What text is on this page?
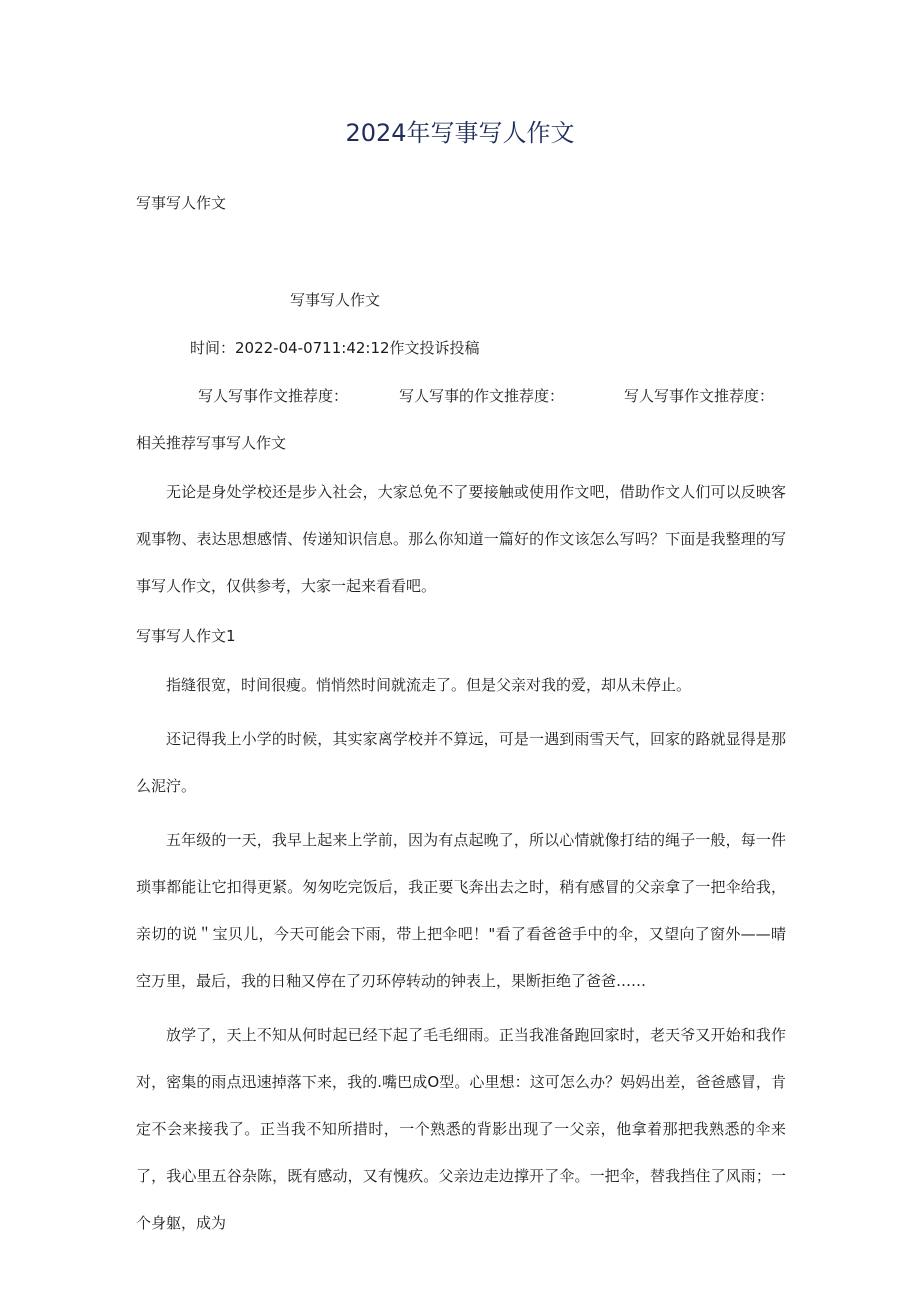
2024年写事写人作文
写事写人作文
写事写人作文
时间：2022-04-0711:42:12作文投诉投稿
写人写事作文推荐度：	写人写事的作文推荐度：	写人写事作文推荐度：
相关推荐写事写人作文

无论是身处学校还是步入社会，大家总免不了要接触或使用作文吧，借助作文人们可以反映客观事物、表达思想感情、传递知识信息。那么你知道一篇好的作文该怎么写吗？下面是我整理的写事写人作文，仅供参考，大家一起来看看吧。

写事写人作文1

指缝很宽，时间很瘦。悄悄然时间就流走了。但是父亲对我的爱，却从未停止。

还记得我上小学的时候，其实家离学校并不算远，可是一遇到雨雪天气，回家的路就显得是那么泥泞。

五年级的一天，我早上起来上学前，因为有点起晚了，所以心情就像打结的绳子一般，每一件琐事都能让它扣得更紧。匆匆吃完饭后，我正要飞奔出去之时，稍有感冒的父亲拿了一把伞给我，亲切的说＂宝贝儿，今天可能会下雨，带上把伞吧！"看了看爸爸手中的伞，又望向了窗外——晴空万里，最后，我的日釉又停在了刃环停转动的钟表上，果断拒绝了爸爸……

放学了，天上不知从何时起已经下起了毛毛细雨。正当我准备跑回家时，老天爷又开始和我作对，密集的雨点迅速掉落下来，我的.嘴巴成O型。心里想：这可怎么办？妈妈出差，爸爸感冒，肯定不会来接我了。正当我不知所措时，一个熟悉的背影出现了一父亲，他拿着那把我熟悉的伞来了，我心里五谷杂陈，既有感动，又有愧疚。父亲边走边撑开了伞。一把伞，替我挡住了风雨；一个身躯，成为
